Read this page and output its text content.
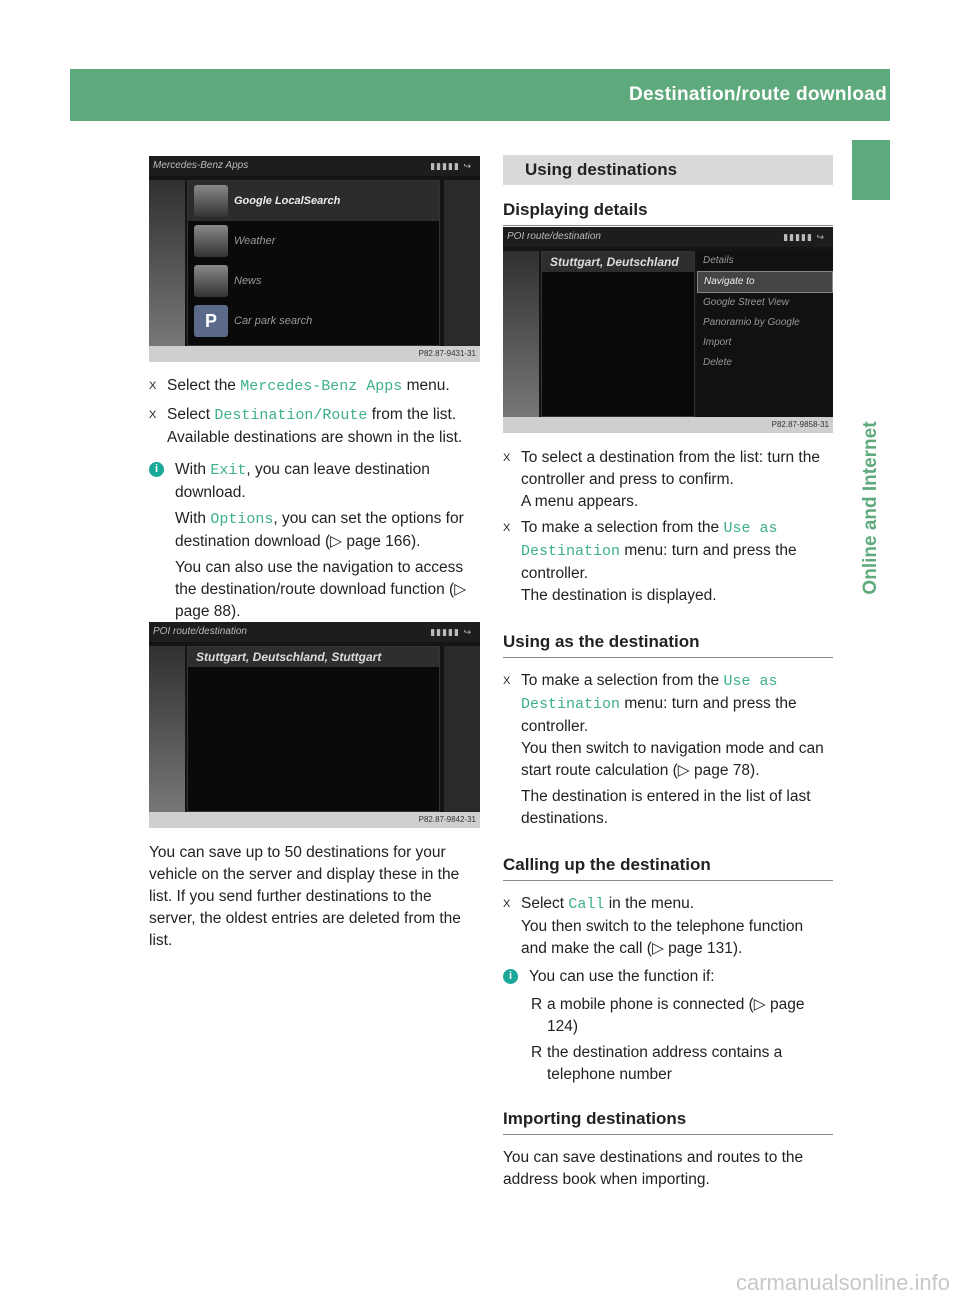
Destination/route download	165
Online and Internet
Mercedes-Benz Apps	▮▮▮▮▮ ↪
Google LocalSearch
Weather
News
P	Car park search
P82.87-9431-31

X Select the Mercedes-Benz Apps menu.

X Select Destination/Route from the list.
Available destinations are shown in the list.

i	With Exit, you can leave destination download.

With Options, you can set the options for destination download (▷ page 166).

You can also use the navigation to access the destination/route download function (▷ page 88).

POI route/destination	▮▮▮▮▮ ↪
Stuttgart, Deutschland, Stuttgart
P82.87-9842-31

You can save up to 50 destinations for your vehicle on the server and display these in the list. If you send further destinations to the server, the oldest entries are deleted from the list.

Using destinations
Displaying details
POI route/destination	▮▮▮▮▮ ↪
Stuttgart, Deutschland	Details
Navigate to
Google Street View
Panoramio by Google
Import
Delete
P82.87-9858-31

X To select a destination from the list: turn the controller and press to confirm.
A menu appears.

X To make a selection from the Use as Destination menu: turn and press the controller.
The destination is displayed.

Using as the destination

X To make a selection from the Use as Destination menu: turn and press the controller.
You then switch to navigation mode and can start route calculation (▷ page 78).

The destination is entered in the list of last destinations.

Calling up the destination

X Select Call in the menu.
You then switch to the telephone function and make the call (▷ page 131).

i	You can use the function if:

R a mobile phone is connected (▷ page 124)

R the destination address contains a telephone number

Importing destinations

You can save destinations and routes to the address book when importing.

carmanualsonline.info
